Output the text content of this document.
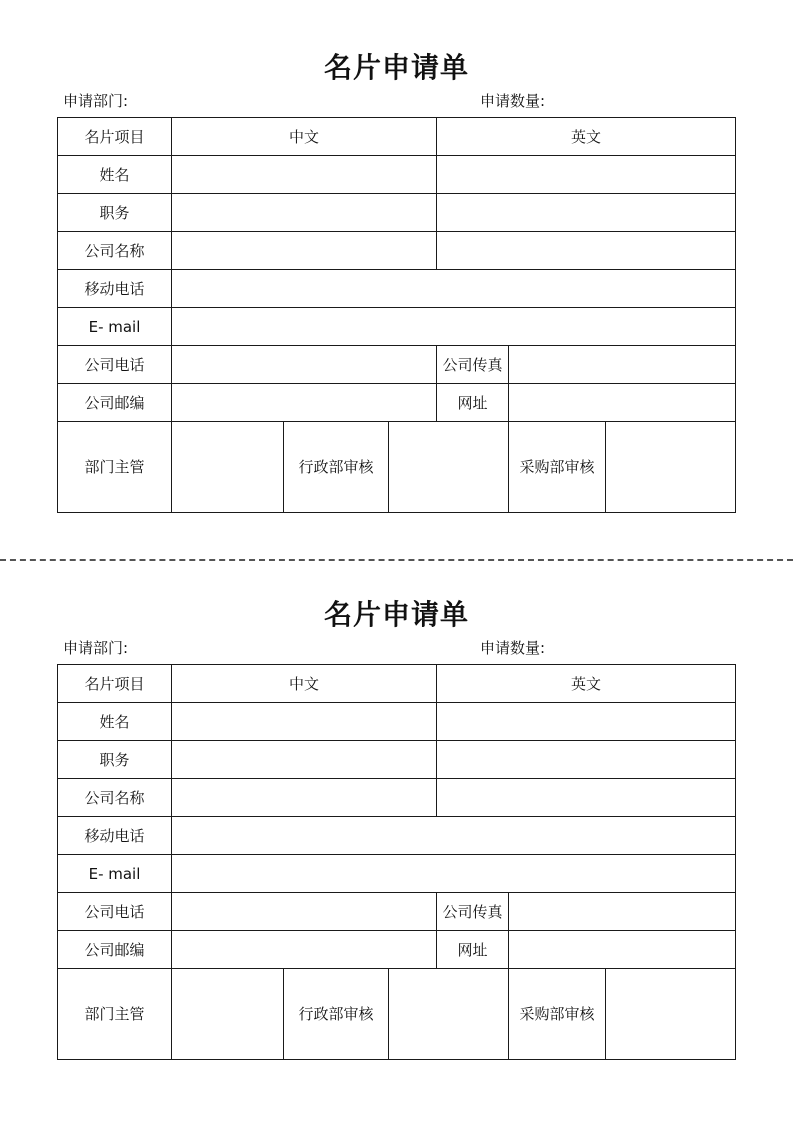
名片申请单
申请部门:	申请数量:
名片项目	中文			英文		
姓名						
职务						
公司名称						
移动电话						
E- mail						
公司电话				公司传真		
公司邮编				网址		
部门主管		行政部审核			采购部审核	
名片申请单
申请部门:	申请数量:
名片项目	中文			英文		
姓名						
职务						
公司名称						
移动电话						
E- mail						
公司电话				公司传真		
公司邮编				网址		
部门主管		行政部审核			采购部审核	
